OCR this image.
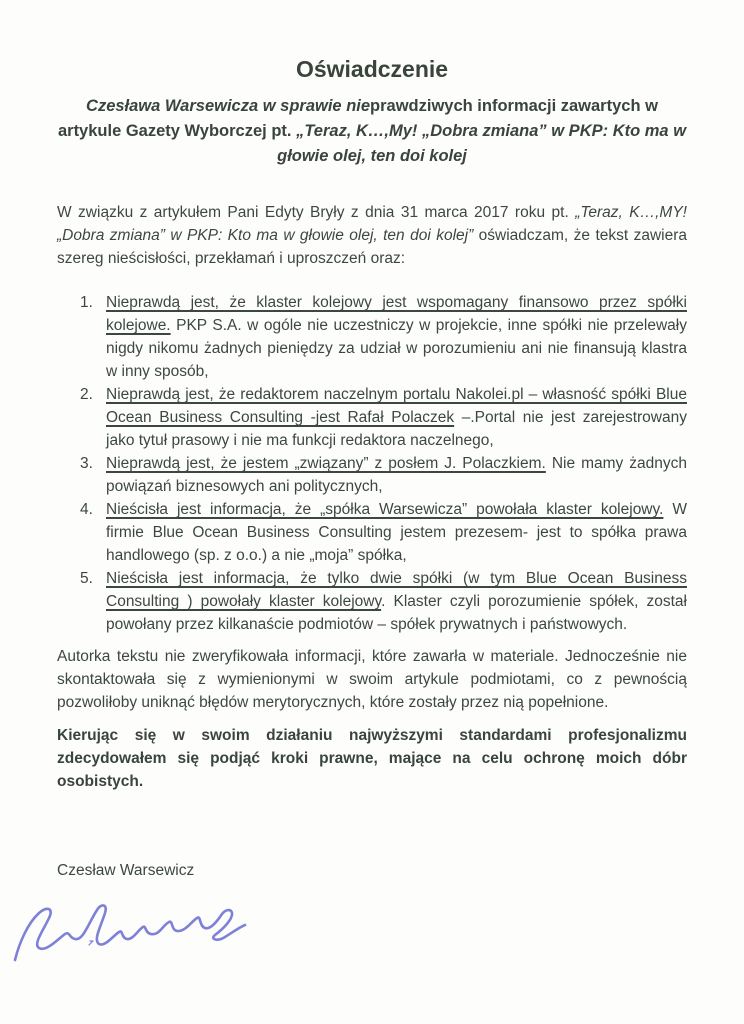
Oświadczenie

Czesława Warsewicza w sprawie nieprawdziwych informacji zawartych w artykule Gazety Wyborczej pt. „Teraz, K…,My! „Dobra zmiana” w PKP: Kto ma w głowie olej, ten doi kolej

W związku z artykułem Pani Edyty Bryły z dnia 31 marca 2017 roku pt. „Teraz, K…,MY! „Dobra zmiana” w PKP: Kto ma w głowie olej, ten doi kolej” oświadczam, że tekst zawiera szereg nieścisłości, przekłamań i uproszczeń oraz:

1. Nieprawdą jest, że klaster kolejowy jest wspomagany finansowo przez spółki kolejowe. PKP S.A. w ogóle nie uczestniczy w projekcie, inne spółki nie przelewały nigdy nikomu żadnych pieniędzy za udział w porozumieniu ani nie finansują klastra w inny sposób,
2. Nieprawdą jest, że redaktorem naczelnym portalu Nakolei.pl – własność spółki Blue Ocean Business Consulting -jest Rafał Polaczek –.Portal nie jest zarejestrowany jako tytuł prasowy i nie ma funkcji redaktora naczelnego,
3. Nieprawdą jest, że jestem „związany” z posłem J. Polaczkiem. Nie mamy żadnych powiązań biznesowych ani politycznych,
4. Nieścisła jest informacja, że „spółka Warsewicza” powołała klaster kolejowy. W firmie Blue Ocean Business Consulting jestem prezesem- jest to spółka prawa handlowego (sp. z o.o.) a nie „moja” spółka,
5. Nieścisła jest informacja, że tylko dwie spółki (w tym Blue Ocean Business Consulting ) powołały klaster kolejowy. Klaster czyli porozumienie spółek, został powołany przez kilkanaście podmiotów – spółek prywatnych i państwowych.

Autorka tekstu nie zweryfikowała informacji, które zawarła w materiale. Jednocześnie nie skontaktowała się z wymienionymi w swoim artykule podmiotami, co z pewnością pozwoliłoby uniknąć błędów merytorycznych, które zostały przez nią popełnione.

Kierując się w swoim działaniu najwyższymi standardami profesjonalizmu zdecydowałem się podjąć kroki prawne, mające na celu ochronę moich dóbr osobistych.

Czesław Warsewicz
